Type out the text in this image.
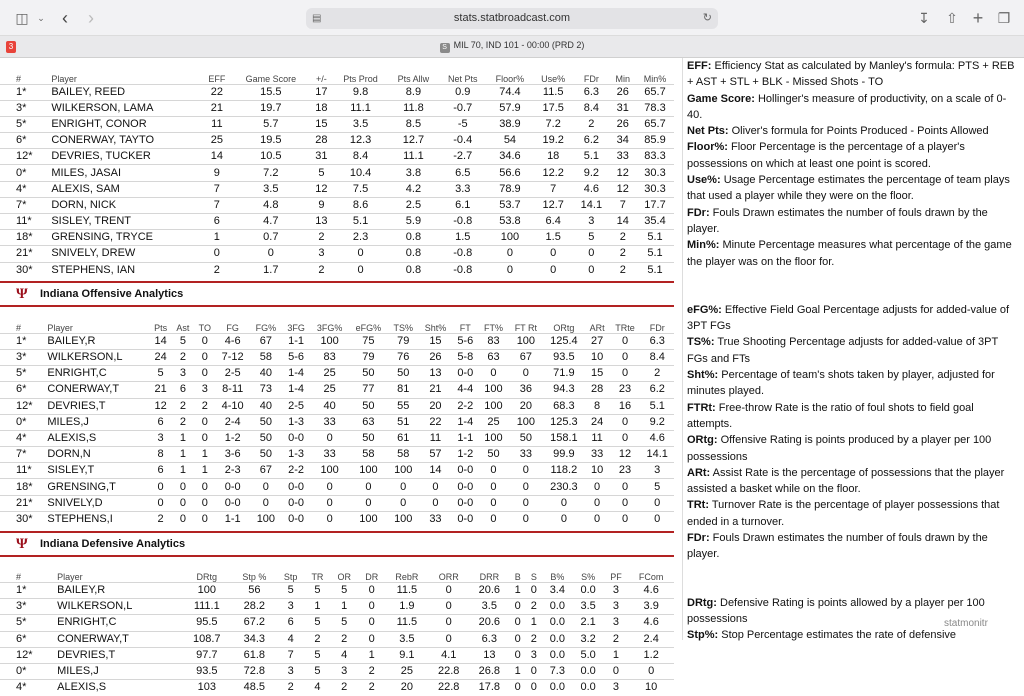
◫ ⌄ ‹ ›	▤	stats.statbroadcast.com	↻	↧ ⇧ + ❐
3	S MIL 70, IND 101 - 00:00 (PRD 2)
#	Player	EFF	Game Score	+/-	Pts Prod	Pts Allw	Net Pts	Floor%	Use%	FDr	Min	Min%
1*	BAILEY, REED	22	15.5	17	9.8	8.9	0.9	74.4	11.5	6.3	26	65.7
3*	WILKERSON, LAMA	21	19.7	18	11.1	11.8	-0.7	57.9	17.5	8.4	31	78.3
5*	ENRIGHT, CONOR	11	5.7	15	3.5	8.5	-5	38.9	7.2	2	26	65.7
6*	CONERWAY, TAYTO	25	19.5	28	12.3	12.7	-0.4	54	19.2	6.2	34	85.9
12*	DEVRIES, TUCKER	14	10.5	31	8.4	11.1	-2.7	34.6	18	5.1	33	83.3
0*	MILES, JASAI	9	7.2	5	10.4	3.8	6.5	56.6	12.2	9.2	12	30.3
4*	ALEXIS, SAM	7	3.5	12	7.5	4.2	3.3	78.9	7	4.6	12	30.3
7*	DORN, NICK	7	4.8	9	8.6	2.5	6.1	53.7	12.7	14.1	7	17.7
11*	SISLEY, TRENT	6	4.7	13	5.1	5.9	-0.8	53.8	6.4	3	14	35.4
18*	GRENSING, TRYCE	1	0.7	2	2.3	0.8	1.5	100	1.5	5	2	5.1
21*	SNIVELY, DREW	0	0	3	0	0.8	-0.8	0	0	0	2	5.1
30*	STEPHENS, IAN	2	1.7	2	0	0.8	-0.8	0	0	0	2	5.1
Ψ Indiana Offensive Analytics
#	Player	Pts	Ast	TO	FG	FG%	3FG	3FG%	eFG%	TS%	Sht%	FT	FT%	FT Rt	ORtg	ARt	TRte	FDr
1*	BAILEY,R	14	5	0	4-6	67	1-1	100	75	79	15	5-6	83	100	125.4	27	0	6.3
3*	WILKERSON,L	24	2	0	7-12	58	5-6	83	79	76	26	5-8	63	67	93.5	10	0	8.4
5*	ENRIGHT,C	5	3	0	2-5	40	1-4	25	50	50	13	0-0	0	0	71.9	15	0	2
6*	CONERWAY,T	21	6	3	8-11	73	1-4	25	77	81	21	4-4	100	36	94.3	28	23	6.2
12*	DEVRIES,T	12	2	2	4-10	40	2-5	40	50	55	20	2-2	100	20	68.3	8	16	5.1
0*	MILES,J	6	2	0	2-4	50	1-3	33	63	51	22	1-4	25	100	125.3	24	0	9.2
4*	ALEXIS,S	3	1	0	1-2	50	0-0	0	50	61	11	1-1	100	50	158.1	11	0	4.6
7*	DORN,N	8	1	1	3-6	50	1-3	33	58	58	57	1-2	50	33	99.9	33	12	14.1
11*	SISLEY,T	6	1	1	2-3	67	2-2	100	100	100	14	0-0	0	0	118.2	10	23	3
18*	GRENSING,T	0	0	0	0-0	0	0-0	0	0	0	0	0-0	0	0	230.3	0	0	5
21*	SNIVELY,D	0	0	0	0-0	0	0-0	0	0	0	0	0-0	0	0	0	0	0	0
30*	STEPHENS,I	2	0	0	1-1	100	0-0	0	100	100	33	0-0	0	0	0	0	0	0
Ψ Indiana Defensive Analytics
#	Player	DRtg	Stp %	Stp	TR	OR	DR	RebR	ORR	DRR	B	S	B%	S%	PF	FCom
1*	BAILEY,R	100	56	5	5	5	0	11.5	0	20.6	1	0	3.4	0.0	3	4.6
3*	WILKERSON,L	111.1	28.2	3	1	1	0	1.9	0	3.5	0	2	0.0	3.5	3	3.9
5*	ENRIGHT,C	95.5	67.2	6	5	5	0	11.5	0	20.6	0	1	0.0	2.1	3	4.6
6*	CONERWAY,T	108.7	34.3	4	2	2	0	3.5	0	6.3	0	2	0.0	3.2	2	2.4
12*	DEVRIES,T	97.7	61.8	7	5	4	1	9.1	4.1	13	0	3	0.0	5.0	1	1.2
0*	MILES,J	93.5	72.8	3	5	3	2	25	22.8	26.8	1	0	7.3	0.0	0	0
4*	ALEXIS,S	103	48.5	2	4	2	2	20	22.8	17.8	0	0	0.0	0.0	3	10

EFF: Efficiency Stat as calculated by Manley's formula: PTS + REB + AST + STL + BLK - Missed Shots - TO

Game Score: Hollinger's measure of productivity, on a scale of 0-40.

Net Pts: Oliver's formula for Points Produced - Points Allowed

Floor%: Floor Percentage is the percentage of a player's possessions on which at least one point is scored.

Use%: Usage Percentage estimates the percentage of team plays that used a player while they were on the floor.

FDr: Fouls Drawn estimates the number of fouls drawn by the player.

Min%: Minute Percentage measures what percentage of the game the player was on the floor for.

eFG%: Effective Field Goal Percentage adjusts for added-value of 3PT FGs

TS%: True Shooting Percentage adjusts for added-value of 3PT FGs and FTs

Sht%: Percentage of team's shots taken by player, adjusted for minutes played.

FTRt: Free-throw Rate is the ratio of foul shots to field goal attempts.

ORtg: Offensive Rating is points produced by a player per 100 possessions

ARt: Assist Rate is the percentage of possessions that the player assisted a basket while on the floor.

TRt: Turnover Rate is the percentage of player possessions that ended in a turnover.

FDr: Fouls Drawn estimates the number of fouls drawn by the player.

DRtg: Defensive Rating is points allowed by a player per 100 possessions

Stp%: Stop Percentage estimates the rate of defensive

statmonitr
